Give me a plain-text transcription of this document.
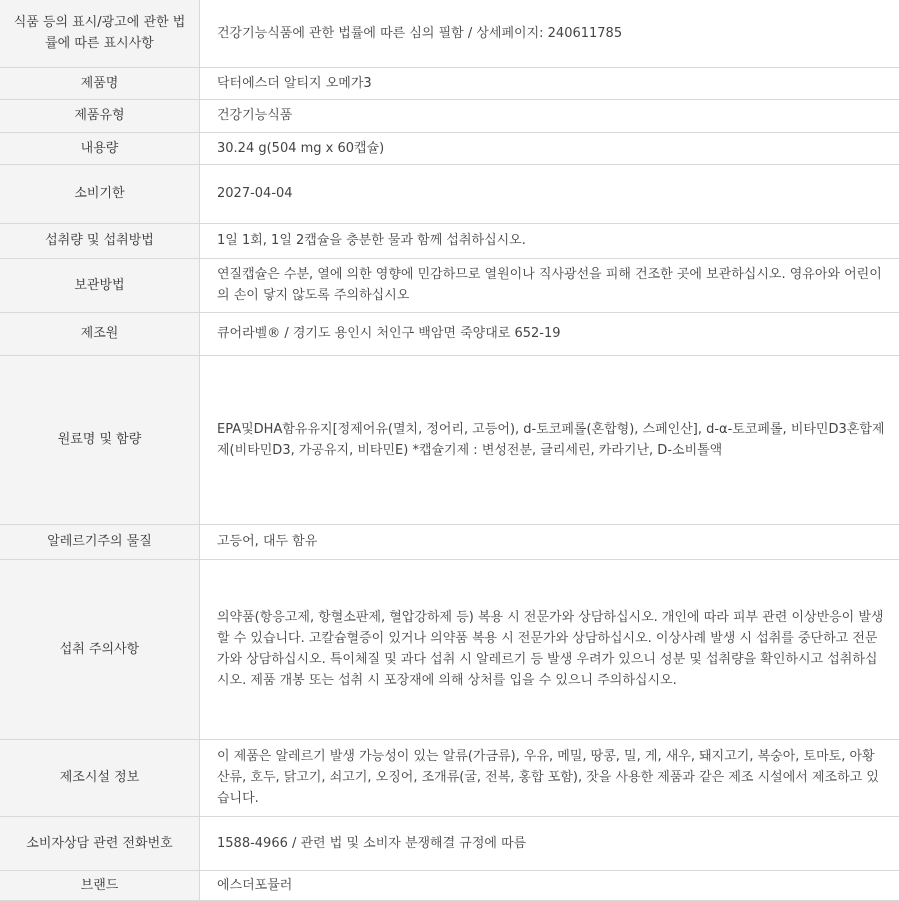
식품 등의 표시/광고에 관한 법률에 따른 표시사항	건강기능식품에 관한 법률에 따른 심의 필함 / 상세페이지: 240611785
제품명	닥터에스더 알티지 오메가3
제품유형	건강기능식품
내용량	30.24 g(504 mg x 60캡슐)
소비기한	2027-04-04
섭취량 및 섭취방법	1일 1회, 1일 2캡슐을 충분한 물과 함께 섭취하십시오.
보관방법	연질캡슐은 수분, 열에 의한 영향에 민감하므로 열원이나 직사광선을 피해 건조한 곳에 보관하십시오. 영유아와 어린이의 손이 닿지 않도록 주의하십시오
제조원	큐어라벨® / 경기도 용인시 처인구 백암면 죽양대로 652-19
원료명 및 함량	EPA및DHA함유유지[정제어유(멸치, 정어리, 고등어), d-토코페롤(혼합형), 스페인산], d-α-토코페롤, 비타민D3혼합제제(비타민D3, 가공유지, 비타민E) *캡슐기제 : 변성전분, 글리세린, 카라기난, D-소비톨액
알레르기주의 물질	고등어, 대두 함유
섭취 주의사항	의약품(항응고제, 항혈소판제, 혈압강하제 등) 복용 시 전문가와 상담하십시오. 개인에 따라 피부 관련 이상반응이 발생할 수 있습니다. 고칼슘혈증이 있거나 의약품 복용 시 전문가와 상담하십시오. 이상사례 발생 시 섭취를 중단하고 전문가와 상담하십시오. 특이체질 및 과다 섭취 시 알레르기 등 발생 우려가 있으니 성분 및 섭취량을 확인하시고 섭취하십시오. 제품 개봉 또는 섭취 시 포장재에 의해 상처를 입을 수 있으니 주의하십시오.
제조시설 정보	이 제품은 알레르기 발생 가능성이 있는 알류(가금류), 우유, 메밀, 땅콩, 밀, 게, 새우, 돼지고기, 복숭아, 토마토, 아황산류, 호두, 닭고기, 쇠고기, 오징어, 조개류(굴, 전복, 홍합 포함), 잣을 사용한 제품과 같은 제조 시설에서 제조하고 있습니다.
소비자상담 관련 전화번호	1588-4966 / 관련 법 및 소비자 분쟁해결 규정에 따름
브랜드	에스더포뮬러
